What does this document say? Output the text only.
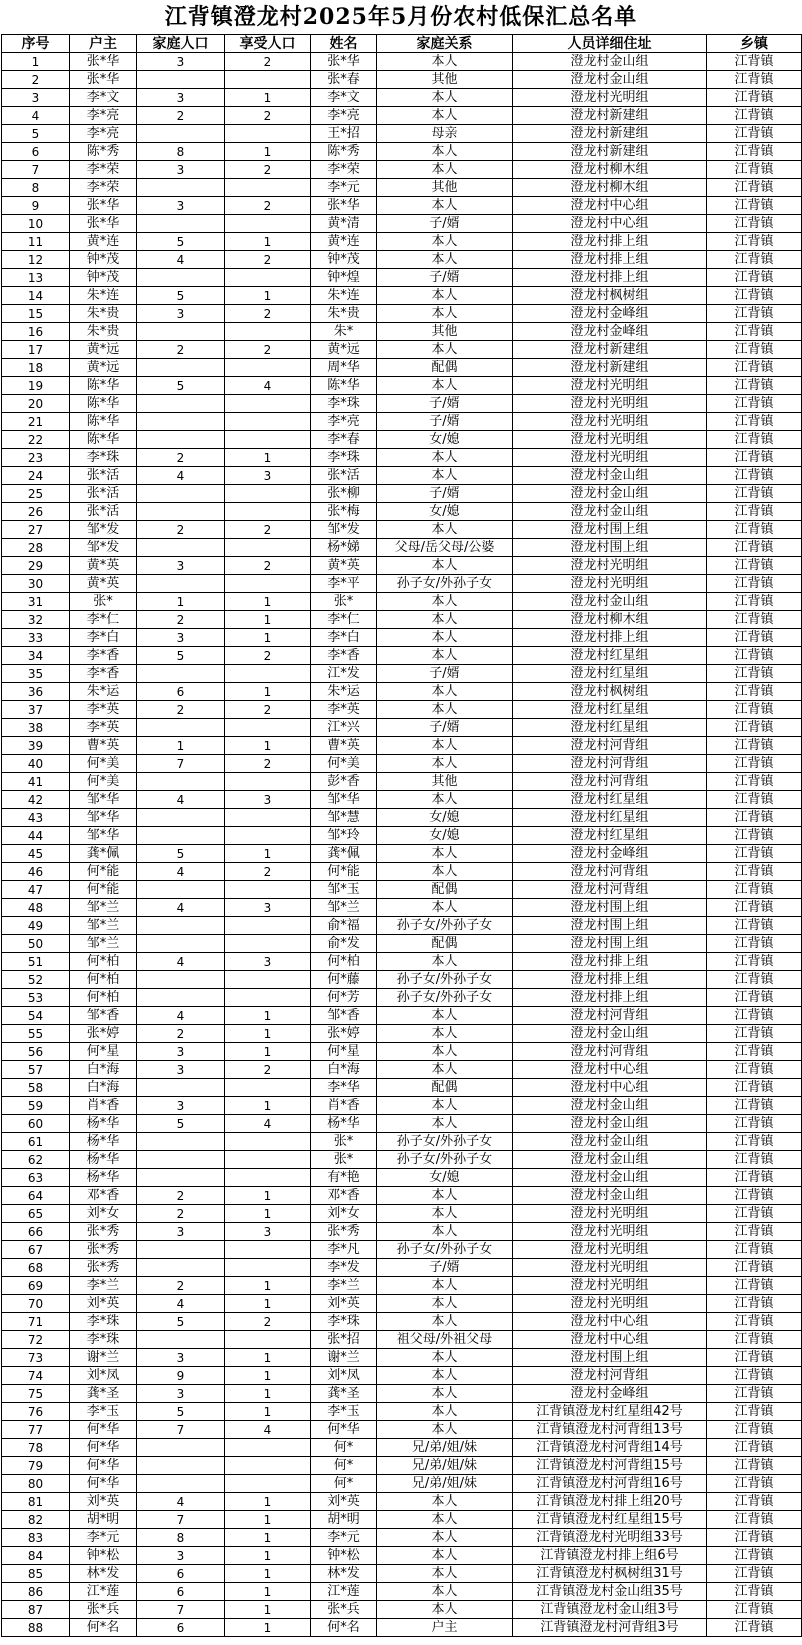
江背镇澄龙村2025年5月份农村低保汇总名单
序号	户主	家庭人口	享受人口	姓名	家庭关系	人员详细住址	乡镇
1	张*华	3	2	张*华	本人	澄龙村金山组	江背镇
2	张*华			张*春	其他	澄龙村金山组	江背镇
3	李*文	3	1	李*文	本人	澄龙村光明组	江背镇
4	李*亮	2	2	李*亮	本人	澄龙村新建组	江背镇
5	李*亮			王*招	母亲	澄龙村新建组	江背镇
6	陈*秀	8	1	陈*秀	本人	澄龙村新建组	江背镇
7	李*荣	3	2	李*荣	本人	澄龙村柳木组	江背镇
8	李*荣			李*元	其他	澄龙村柳木组	江背镇
9	张*华	3	2	张*华	本人	澄龙村中心组	江背镇
10	张*华			黄*清	子/婿	澄龙村中心组	江背镇
11	黄*连	5	1	黄*连	本人	澄龙村排上组	江背镇
12	钟*茂	4	2	钟*茂	本人	澄龙村排上组	江背镇
13	钟*茂			钟*煌	子/婿	澄龙村排上组	江背镇
14	朱*连	5	1	朱*连	本人	澄龙村枫树组	江背镇
15	朱*贵	3	2	朱*贵	本人	澄龙村金峰组	江背镇
16	朱*贵			朱*	其他	澄龙村金峰组	江背镇
17	黄*远	2	2	黄*远	本人	澄龙村新建组	江背镇
18	黄*远			周*华	配偶	澄龙村新建组	江背镇
19	陈*华	5	4	陈*华	本人	澄龙村光明组	江背镇
20	陈*华			李*珠	子/婿	澄龙村光明组	江背镇
21	陈*华			李*亮	子/婿	澄龙村光明组	江背镇
22	陈*华			李*春	女/媳	澄龙村光明组	江背镇
23	李*珠	2	1	李*珠	本人	澄龙村光明组	江背镇
24	张*活	4	3	张*活	本人	澄龙村金山组	江背镇
25	张*活			张*柳	子/婿	澄龙村金山组	江背镇
26	张*活			张*梅	女/媳	澄龙村金山组	江背镇
27	邹*发	2	2	邹*发	本人	澄龙村围上组	江背镇
28	邹*发			杨*娣	父母/岳父母/公婆	澄龙村围上组	江背镇
29	黄*英	3	2	黄*英	本人	澄龙村光明组	江背镇
30	黄*英			李*平	孙子女/外孙子女	澄龙村光明组	江背镇
31	张*	1	1	张*	本人	澄龙村金山组	江背镇
32	李*仁	2	1	李*仁	本人	澄龙村柳木组	江背镇
33	李*白	3	1	李*白	本人	澄龙村排上组	江背镇
34	李*香	5	2	李*香	本人	澄龙村红星组	江背镇
35	李*香			江*发	子/婿	澄龙村红星组	江背镇
36	朱*运	6	1	朱*运	本人	澄龙村枫树组	江背镇
37	李*英	2	2	李*英	本人	澄龙村红星组	江背镇
38	李*英			江*兴	子/婿	澄龙村红星组	江背镇
39	曹*英	1	1	曹*英	本人	澄龙村河背组	江背镇
40	何*美	7	2	何*美	本人	澄龙村河背组	江背镇
41	何*美			彭*香	其他	澄龙村河背组	江背镇
42	邹*华	4	3	邹*华	本人	澄龙村红星组	江背镇
43	邹*华			邹*慧	女/媳	澄龙村红星组	江背镇
44	邹*华			邹*玲	女/媳	澄龙村红星组	江背镇
45	龚*佩	5	1	龚*佩	本人	澄龙村金峰组	江背镇
46	何*能	4	2	何*能	本人	澄龙村河背组	江背镇
47	何*能			邹*玉	配偶	澄龙村河背组	江背镇
48	邹*兰	4	3	邹*兰	本人	澄龙村围上组	江背镇
49	邹*兰			俞*福	孙子女/外孙子女	澄龙村围上组	江背镇
50	邹*兰			俞*发	配偶	澄龙村围上组	江背镇
51	何*柏	4	3	何*柏	本人	澄龙村排上组	江背镇
52	何*柏			何*藤	孙子女/外孙子女	澄龙村排上组	江背镇
53	何*柏			何*芳	孙子女/外孙子女	澄龙村排上组	江背镇
54	邹*香	4	1	邹*香	本人	澄龙村河背组	江背镇
55	张*婷	2	1	张*婷	本人	澄龙村金山组	江背镇
56	何*星	3	1	何*星	本人	澄龙村河背组	江背镇
57	白*海	3	2	白*海	本人	澄龙村中心组	江背镇
58	白*海			李*华	配偶	澄龙村中心组	江背镇
59	肖*香	3	1	肖*香	本人	澄龙村金山组	江背镇
60	杨*华	5	4	杨*华	本人	澄龙村金山组	江背镇
61	杨*华			张*	孙子女/外孙子女	澄龙村金山组	江背镇
62	杨*华			张*	孙子女/外孙子女	澄龙村金山组	江背镇
63	杨*华			有*艳	女/媳	澄龙村金山组	江背镇
64	邓*香	2	1	邓*香	本人	澄龙村金山组	江背镇
65	刘*女	2	1	刘*女	本人	澄龙村光明组	江背镇
66	张*秀	3	3	张*秀	本人	澄龙村光明组	江背镇
67	张*秀			李*凡	孙子女/外孙子女	澄龙村光明组	江背镇
68	张*秀			李*发	子/婿	澄龙村光明组	江背镇
69	李*兰	2	1	李*兰	本人	澄龙村光明组	江背镇
70	刘*英	4	1	刘*英	本人	澄龙村光明组	江背镇
71	李*珠	5	2	李*珠	本人	澄龙村中心组	江背镇
72	李*珠			张*招	祖父母/外祖父母	澄龙村中心组	江背镇
73	谢*兰	3	1	谢*兰	本人	澄龙村围上组	江背镇
74	刘*凤	9	1	刘*凤	本人	澄龙村河背组	江背镇
75	龚*圣	3	1	龚*圣	本人	澄龙村金峰组	江背镇
76	李*玉	5	1	李*玉	本人	江背镇澄龙村红星组42号	江背镇
77	何*华	7	4	何*华	本人	江背镇澄龙村河背组13号	江背镇
78	何*华			何*	兄/弟/姐/妹	江背镇澄龙村河背组14号	江背镇
79	何*华			何*	兄/弟/姐/妹	江背镇澄龙村河背组15号	江背镇
80	何*华			何*	兄/弟/姐/妹	江背镇澄龙村河背组16号	江背镇
81	刘*英	4	1	刘*英	本人	江背镇澄龙村排上组20号	江背镇
82	胡*明	7	1	胡*明	本人	江背镇澄龙村红星组15号	江背镇
83	李*元	8	1	李*元	本人	江背镇澄龙村光明组33号	江背镇
84	钟*松	3	1	钟*松	本人	江背镇澄龙村排上组6号	江背镇
85	林*发	6	1	林*发	本人	江背镇澄龙村枫树组31号	江背镇
86	江*莲	6	1	江*莲	本人	江背镇澄龙村金山组35号	江背镇
87	张*兵	7	1	张*兵	本人	江背镇澄龙村金山组3号	江背镇
88	何*名	6	1	何*名	户主	江背镇澄龙村河背组3号	江背镇
